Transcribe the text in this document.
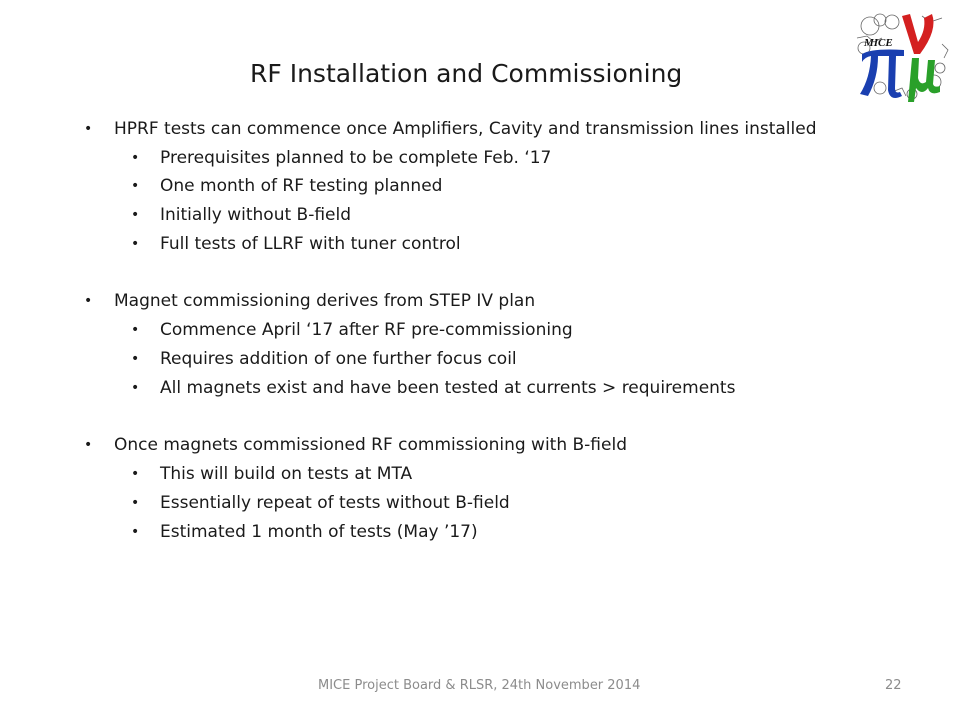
RF Installation and Commissioning
MICE
• HPRF tests can commence once Amplifiers, Cavity and transmission lines installed
• Prerequisites planned to be complete Feb. ‘17
• One month of RF testing planned
• Initially without B-field
• Full tests of LLRF with tuner control
• Magnet commissioning derives from STEP IV plan
• Commence April ‘17 after RF pre-commissioning
• Requires addition of one further focus coil
• All magnets exist and have been tested at currents > requirements
• Once magnets commissioned RF commissioning with B-field
• This will build on tests at MTA
• Essentially repeat of tests without B-field
• Estimated 1 month of tests (May ’17)
MICE Project Board & RLSR, 24th November 2014	22
